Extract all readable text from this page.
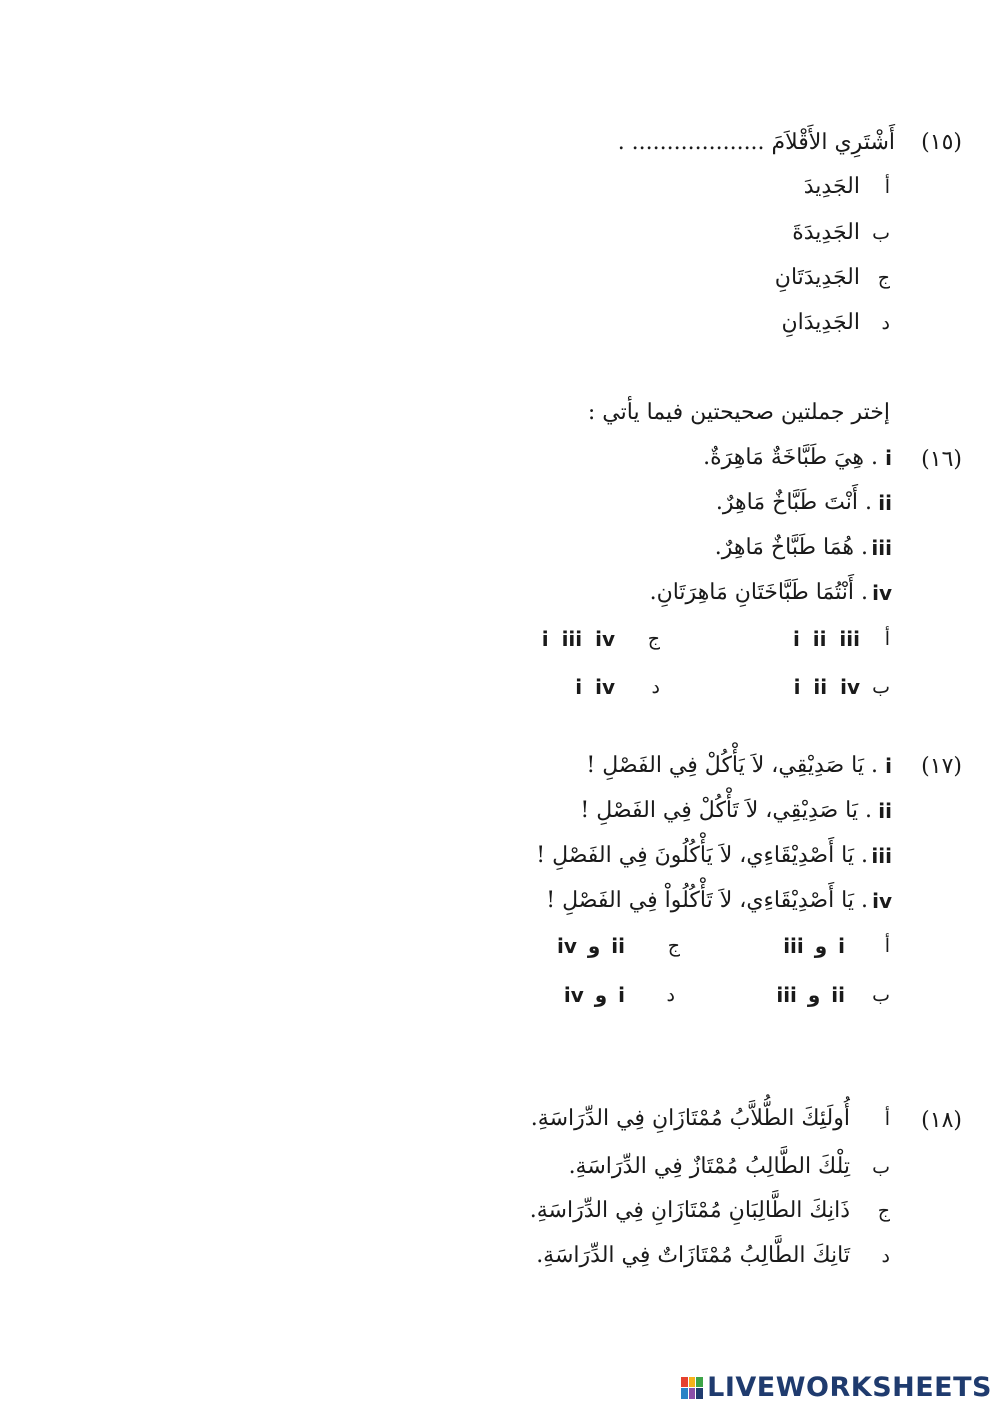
(١٥)
أَشْتَرِي الأَقْلاَمَ ................... .
أ
الجَدِيدَ
ب
الجَدِيدَةَ
ج
الجَدِيدَتَانِ
د
الجَدِيدَانِ
إختر جملتين صحيحتين فيما يأتي :
(١٦)
i
. هِيَ طَبَّاخَةٌ مَاهِرَةٌ.
ii
. أَنْتَ طَبَّاخٌ مَاهِرٌ.
iii
. هُمَا طَبَّاخٌ مَاهِرٌ.
iv
. أَنْتُمَا طَبَّاخَتَانِ مَاهِرَتَانِ.
أ
i ii iii
ج
i iii iv
ب
i ii iv
د
i iv
(١٧)
i
. يَا صَدِيْقِي، لاَ يَأْكُلْ فِي الفَصْلِ !
ii
. يَا صَدِيْقِي، لاَ تَأْكُلْ فِي الفَصْلِ !
iii
. يَا أَصْدِيْقَاءِي، لاَ يَأْكُلُونَ فِي الفَصْلِ !
iv
. يَا أَصْدِيْقَاءِي، لاَ تَأْكُلُواْ فِي الفَصْلِ !
أ
i و iii
ج
ii و iv
ب
ii و iii
د
i و iv
(١٨)
أ
أُولَئِكَ الطُّلاَّبُ مُمْتَازَانِ فِي الدِّرَاسَةِ.
ب
تِلْكَ الطَّالِبُ مُمْتَازٌ فِي الدِّرَاسَةِ.
ج
ذَانِكَ الطَّالِبَانِ مُمْتَازَانِ فِي الدِّرَاسَةِ.
د
تَانِكَ الطَّالِبُ مُمْتَازَاتٌ فِي الدِّرَاسَةِ.
LIVEWORKSHEETS
